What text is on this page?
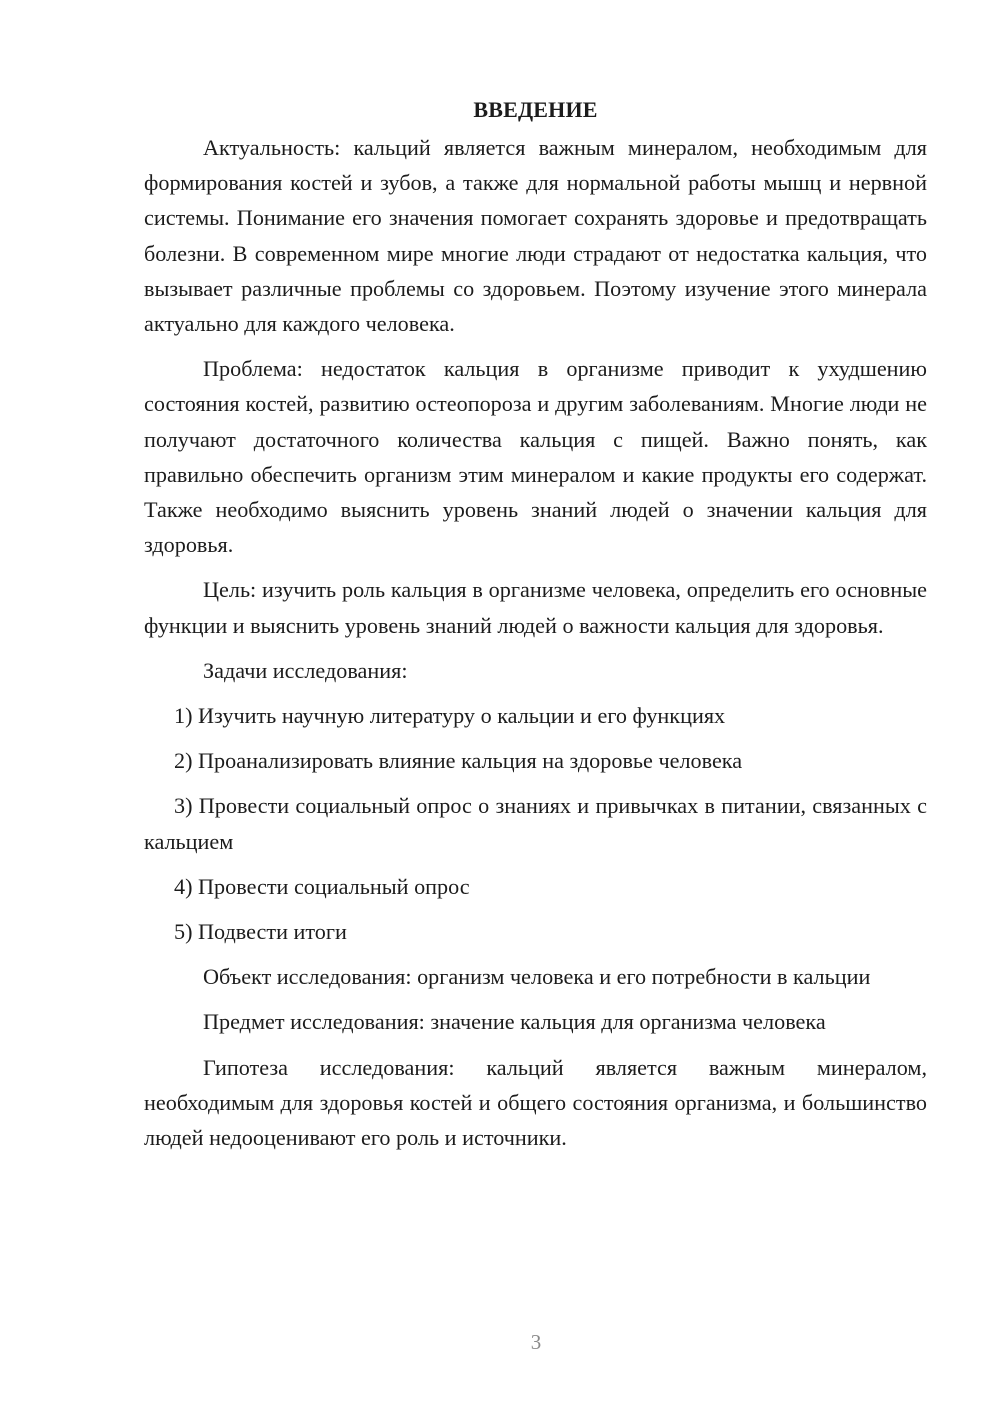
ВВЕДЕНИЕ

Актуальность: кальций является важным минералом, необходимым для формирования костей и зубов, а также для нормальной работы мышц и нервной системы. Понимание его значения помогает сохранять здоровье и предотвращать болезни. В современном мире многие люди страдают от недостатка кальция, что вызывает различные проблемы со здоровьем. Поэтому изучение этого минерала актуально для каждого человека.

Проблема: недостаток кальция в организме приводит к ухудшению состояния костей, развитию остеопороза и другим заболеваниям. Многие люди не получают достаточного количества кальция с пищей. Важно понять, как правильно обеспечить организм этим минералом и какие продукты его содержат. Также необходимо выяснить уровень знаний людей о значении кальция для здоровья.

Цель: изучить роль кальция в организме человека, определить его основные функции и выяснить уровень знаний людей о важности кальция для здоровья.

Задачи исследования:

1) Изучить научную литературу о кальции и его функциях

2) Проанализировать влияние кальция на здоровье человека

3) Провести социальный опрос о знаниях и привычках в питании, связанных с кальцием

4) Провести социальный опрос

5) Подвести итоги

Объект исследования: организм человека и его потребности в кальции

Предмет исследования: значение кальция для организма человека

Гипотеза исследования: кальций является важным минералом, необходимым для здоровья костей и общего состояния организма, и большинство людей недооценивают его роль и источники.

3
